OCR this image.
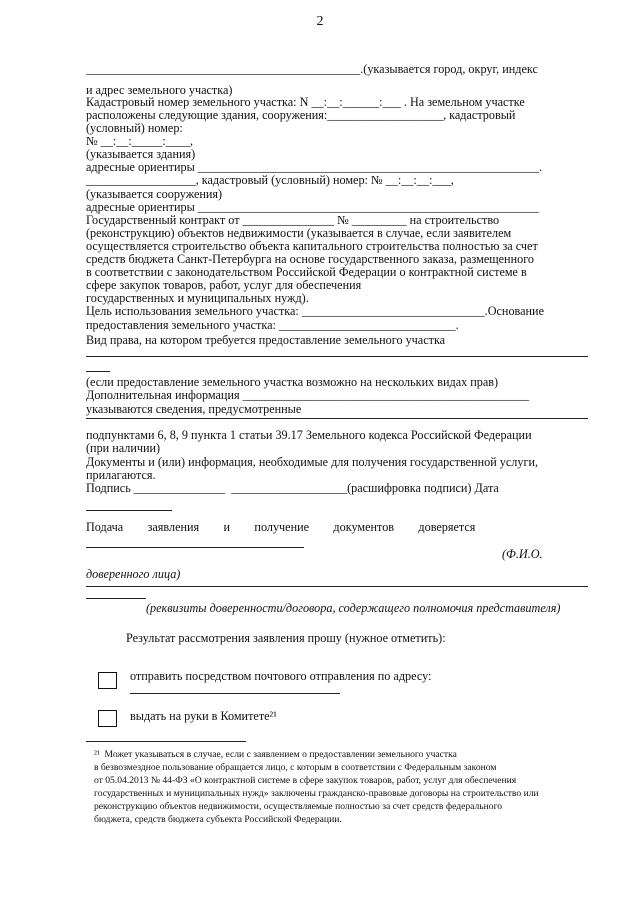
2
_____________________________________________.(указывается город, округ, индекс
и адрес земельного участка)
Кадастровый номер земельного участка: N __:__:______:___ . На земельном участке
расположены следующие здания, сооружения:___________________, кадастровый
(условный) номер:
№ __:__:_____:____,
(указывается здания)
адресные ориентиры ________________________________________________________.
__________________, кадастровый (условный) номер: № __:__:__:___,
(указывается сооружения)
адресные ориентиры ________________________________________________________
Государственный контракт от _______________ № _________ на строительство
(реконструкцию) объектов недвижимости (указывается в случае, если заявителем
осуществляется строительство объекта капитального строительства полностью за счет
средств бюджета Санкт-Петербурга на основе государственного заказа, размещенного
в соответствии с законодательством Российской Федерации о контрактной системе в
сфере закупок товаров, работ, услуг для обеспечения
государственных и муниципальных нужд).
Цель использования земельного участка: ______________________________.Основание
предоставления земельного участка: _____________________________.
Вид права, на котором требуется предоставление земельного участка
(если предоставление земельного участка возможно на нескольких видах прав)
Дополнительная информация _______________________________________________
указываются сведения, предусмотренные
подпунктами 6, 8, 9 пункта 1 статьи 39.17 Земельного кодекса Российской Федерации
(при наличии)
Документы и (или) информация, необходимые для получения государственной услуги,
прилагаются.
Подпись _______________  ___________________(расшифровка подписи) Дата
Подача        заявления        и        получение        документов        доверяется
(Ф.И.О.
доверенного лица)
(реквизиты доверенности/договора, содержащего полномочия представителя)
Результат рассмотрения заявления прошу (нужное отметить):
отправить посредством почтового отправления по адресу:
выдать на руки в Комитете²¹
²¹  Может указываться в случае, если с заявлением о предоставлении земельного участка
в безвозмездное пользование обращается лицо, с которым в соответствии с Федеральным законом
от 05.04.2013 № 44-ФЗ «О контрактной системе в сфере закупок товаров, работ, услуг для обеспечения
государственных и муниципальных нужд» заключены гражданско-правовые договоры на строительство или
реконструкцию объектов недвижимости, осуществляемые полностью за счет средств федерального
бюджета, средств бюджета субъекта Российской Федерации.
